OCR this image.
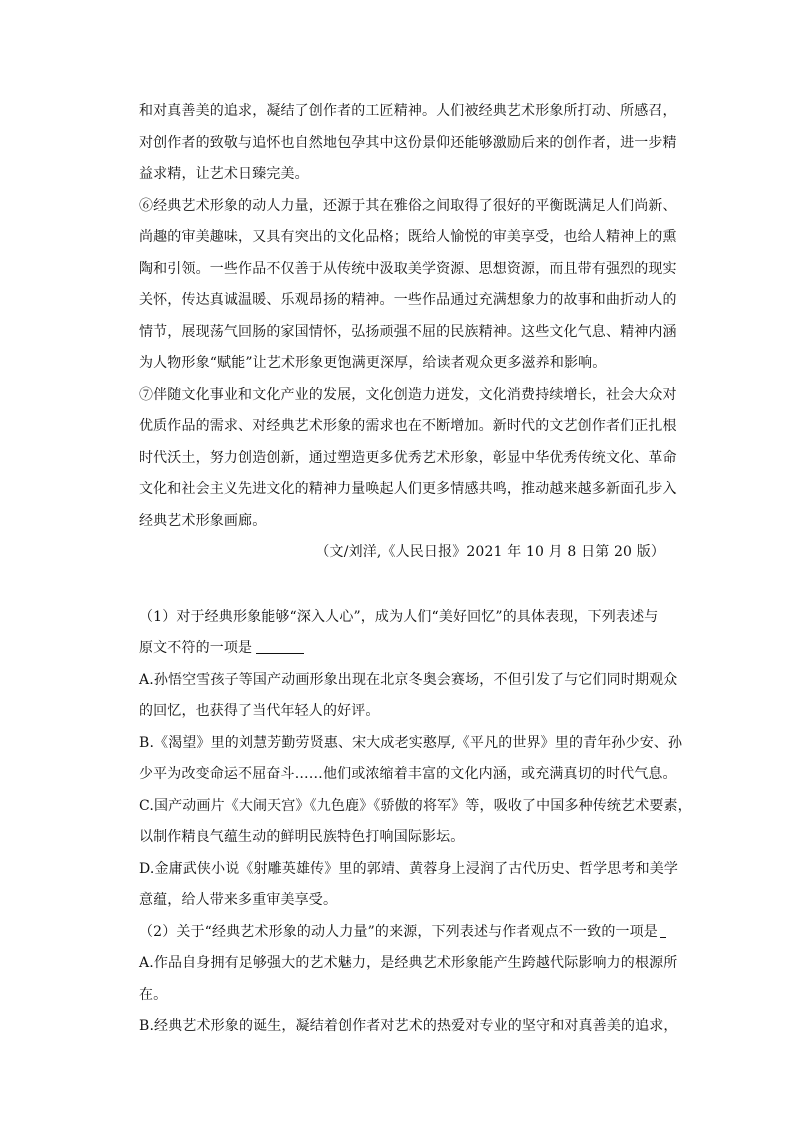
和对真善美的追求，凝结了创作者的工匠精神。人们被经典艺术形象所打动、所感召，
对创作者的致敬与追怀也自然地包孕其中这份景仰还能够激励后来的创作者，进一步精
益求精，让艺术日臻完美。
⑥经典艺术形象的动人力量，还源于其在雅俗之间取得了很好的平衡既满足人们尚新、
尚趣的审美趣味，又具有突出的文化品格；既给人愉悦的审美享受，也给人精神上的熏
陶和引领。一些作品不仅善于从传统中汲取美学资源、思想资源，而且带有强烈的现实
关怀，传达真诚温暖、乐观昂扬的精神。一些作品通过充满想象力的故事和曲折动人的
情节，展现荡气回肠的家国情怀，弘扬顽强不屈的民族精神。这些文化气息、精神内涵
为人物形象“赋能”让艺术形象更饱满更深厚，给读者观众更多滋养和影响。
⑦伴随文化事业和文化产业的发展，文化创造力迸发，文化消费持续增长，社会大众对
优质作品的需求、对经典艺术形象的需求也在不断增加。新时代的文艺创作者们正扎根
时代沃土，努力创造创新，通过塑造更多优秀艺术形象，彰显中华优秀传统文化、革命
文化和社会主义先进文化的精神力量唤起人们更多情感共鸣，推动越来越多新面孔步入
经典艺术形象画廊。
（文/刘洋,《人民日报》2021 年 10 月 8 日第 20 版）
（1）对于经典形象能够“深入人心”，成为人们“美好回忆”的具体表现，下列表述与
原文不符的一项是
A.孙悟空雪孩子等国产动画形象出现在北京冬奥会赛场，不但引发了与它们同时期观众
的回忆，也获得了当代年轻人的好评。
B.《渴望》里的刘慧芳勤劳贤惠、宋大成老实憨厚,《平凡的世界》里的青年孙少安、孙
少平为改变命运不屈奋斗……他们或浓缩着丰富的文化内涵，或充满真切的时代气息。
C.国产动画片《大闹天宫》《九色鹿》《骄傲的将军》等，吸收了中国多种传统艺术要素，
以制作精良气蕴生动的鲜明民族特色打响国际影坛。
D.金庸武侠小说《射雕英雄传》里的郭靖、黄蓉身上浸润了古代历史、哲学思考和美学
意蕴，给人带来多重审美享受。
（2）关于“经典艺术形象的动人力量”的来源，下列表述与作者观点不一致的一项是
A.作品自身拥有足够强大的艺术魅力，是经典艺术形象能产生跨越代际影响力的根源所
在。
B.经典艺术形象的诞生，凝结着创作者对艺术的热爱对专业的坚守和对真善美的追求，
